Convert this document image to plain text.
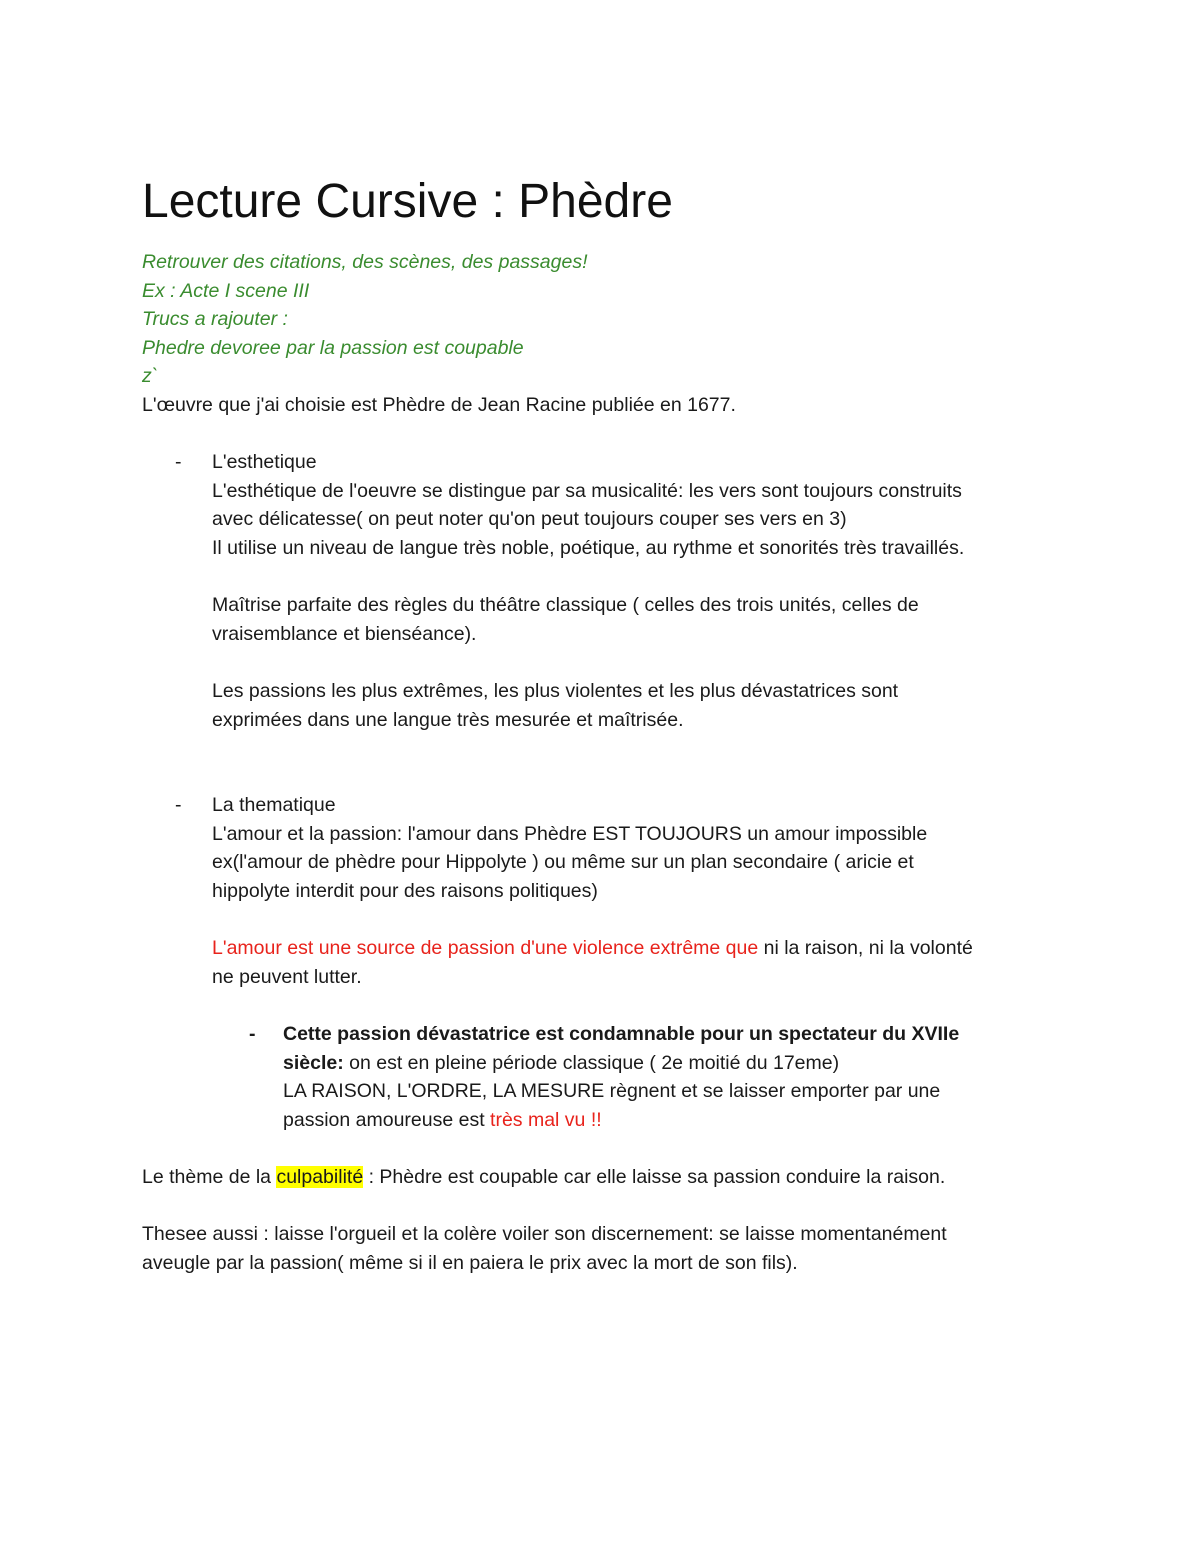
Lecture Cursive : Phèdre

Retrouver des citations, des scènes, des passages!

Ex : Acte I scene III

Trucs a rajouter :

Phedre devoree par la passion est coupable

z`

L'œuvre que j'ai choisie est Phèdre de Jean Racine publiée en 1677.

- L'esthetique

L'esthétique de l'oeuvre se distingue par sa musicalité: les vers sont toujours construits

avec délicatesse( on peut noter qu'on peut toujours couper ses vers en 3)

Il utilise un niveau de langue très noble, poétique, au rythme et sonorités très travaillés.

Maîtrise parfaite des règles du théâtre classique ( celles des trois unités, celles de

vraisemblance et bienséance).

Les passions les plus extrêmes, les plus violentes et les plus dévastatrices sont

exprimées dans une langue très mesurée et maîtrisée.

- La thematique

L'amour et la passion: l'amour dans Phèdre EST TOUJOURS un amour impossible

ex(l'amour de phèdre pour Hippolyte ) ou même sur un plan secondaire ( aricie et

hippolyte interdit pour des raisons politiques)

L'amour est une source de passion d'une violence extrême que ni la raison, ni la volonté

ne peuvent lutter.

- Cette passion dévastatrice est condamnable pour un spectateur du XVIIe

siècle: on est en pleine période classique ( 2e moitié du 17eme)

LA RAISON, L'ORDRE, LA MESURE règnent et se laisser emporter par une

passion amoureuse est très mal vu !!

Le thème de la culpabilité : Phèdre est coupable car elle laisse sa passion conduire la raison.

Thesee aussi : laisse l'orgueil et la colère voiler son discernement: se laisse momentanément

aveugle par la passion( même si il en paiera le prix avec la mort de son fils).
